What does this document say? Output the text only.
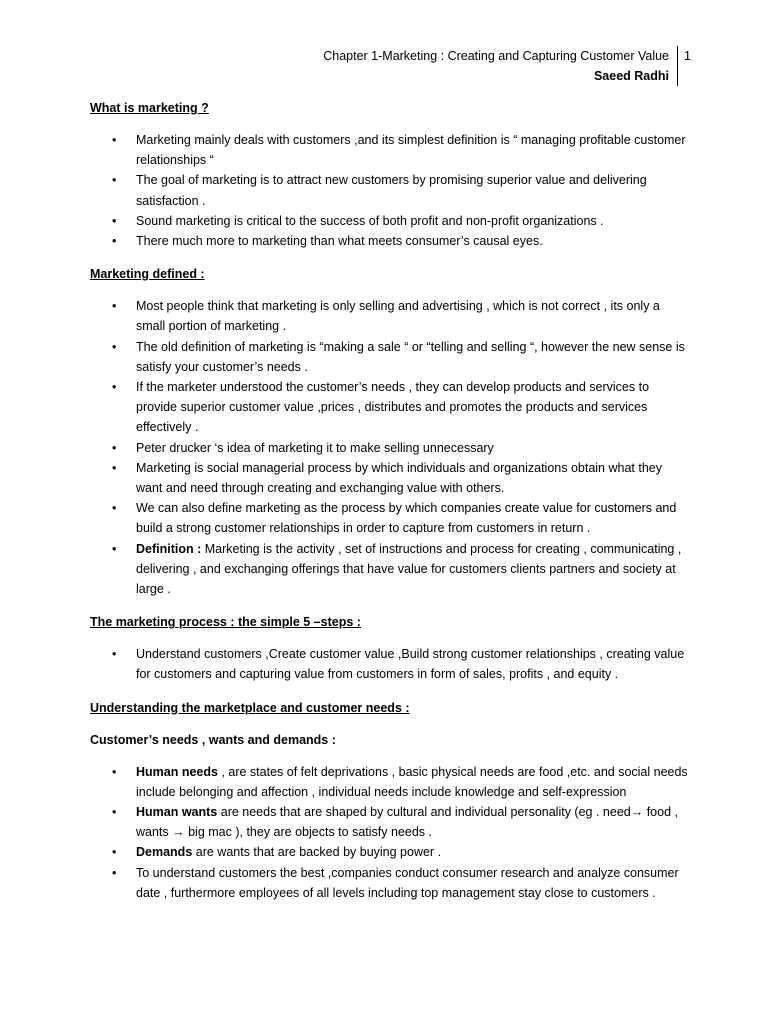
Chapter 1-Marketing : Creating and Capturing Customer Value
Saeed Radhi
1
What is marketing ?
• Marketing mainly deals with customers ,and its simplest definition is “ managing profitable customer relationships “
• The goal of marketing is to attract new customers by promising superior value and delivering satisfaction .
• Sound marketing is critical to the success of both profit and non-profit organizations .
• There much more to marketing than what meets consumer’s causal eyes.
Marketing defined :
• Most people think that marketing is only selling and advertising , which is not correct , its only a small portion of marketing .
• The old definition of marketing is “making a sale “ or “telling and selling “, however the new sense is satisfy your customer’s needs .
• If the marketer understood the customer’s needs , they can develop products and services to provide superior customer value ,prices , distributes and promotes the products and services effectively .
• Peter drucker ‘s idea of marketing it to make selling unnecessary
• Marketing is social managerial process by which individuals and organizations obtain what they want and need through creating and exchanging value with others.
• We can also define marketing as the process by which companies create value for customers and build a strong customer relationships in order to capture from customers in return .
• Definition : Marketing is the activity , set of instructions and process for creating , communicating , delivering , and exchanging offerings that have value for customers clients partners and society at large .
The marketing process : the simple 5 –steps :
• Understand customers ,Create customer value ,Build strong customer relationships , creating value for customers and capturing value from customers in form of sales, profits , and equity .
Understanding the marketplace and customer needs :
Customer’s needs , wants and demands :
• Human needs , are states of felt deprivations , basic physical needs are food ,etc. and social needs include belonging and affection , individual needs include knowledge and self-expression
• Human wants are needs that are shaped by cultural and individual personality (eg . need→ food , wants → big mac ), they are objects to satisfy needs .
• Demands are wants that are backed by buying power .
• To understand customers the best ,companies conduct consumer research and analyze consumer date , furthermore employees of all levels including top management stay close to customers .
